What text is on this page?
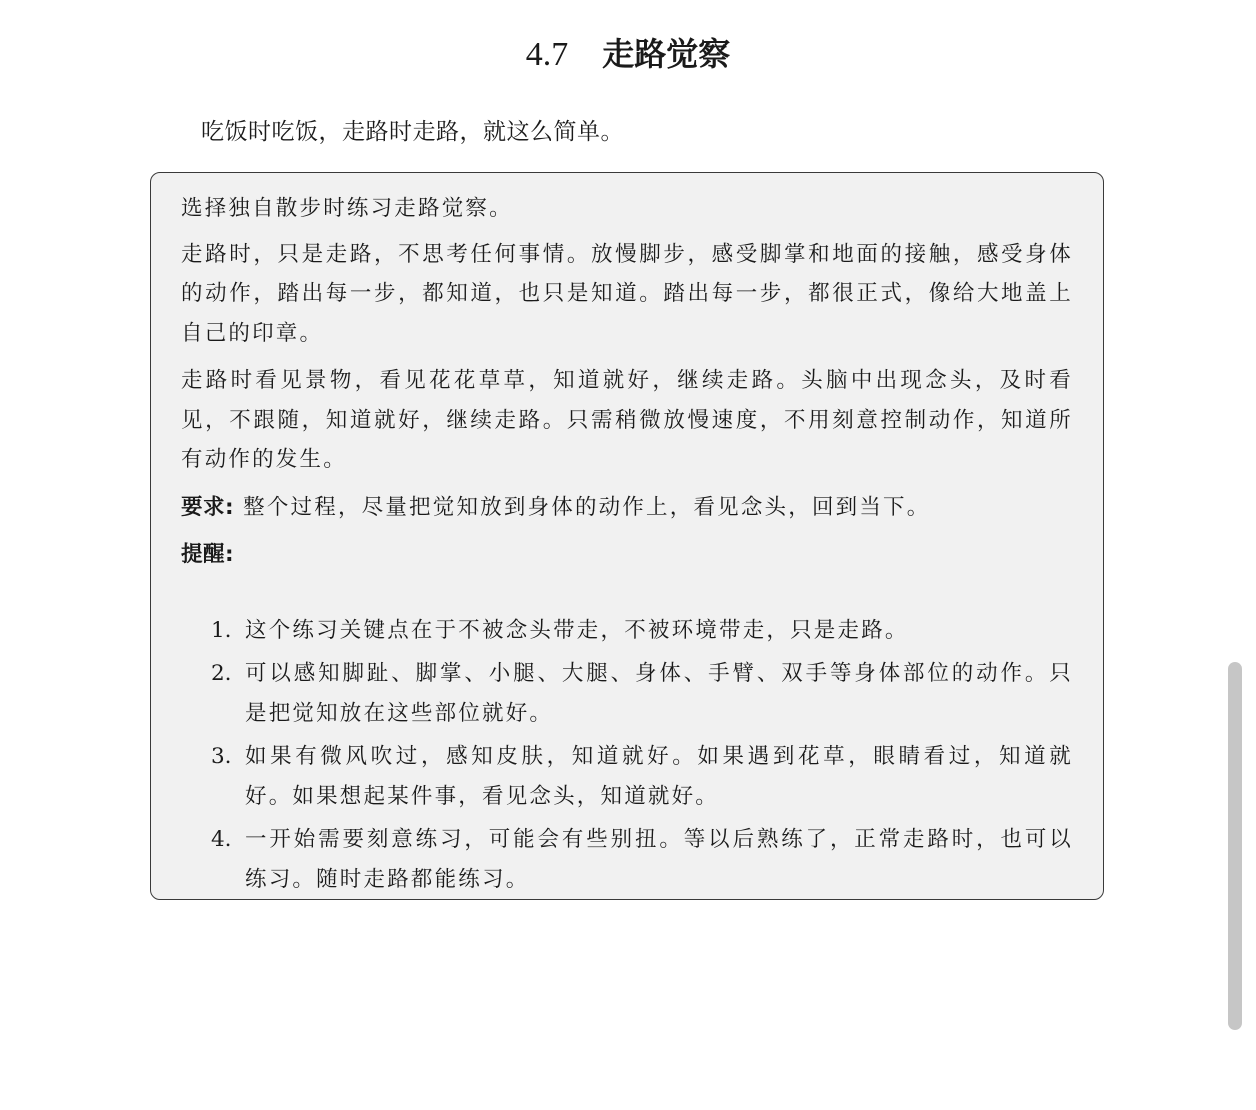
4.7 走路觉察
吃饭时吃饭，走路时走路，就这么简单。

选择独自散步时练习走路觉察。

走路时，只是走路，不思考任何事情。放慢脚步，感受脚掌和地面的接触，感受身体的动作，踏出每一步，都知道，也只是知道。踏出每一步，都很正式，像给大地盖上自己的印章。

走路时看见景物，看见花花草草，知道就好，继续走路。头脑中出现念头，及时看见，不跟随，知道就好，继续走路。只需稍微放慢速度，不用刻意控制动作，知道所有动作的发生。

要求: 整个过程，尽量把觉知放到身体的动作上，看见念头，回到当下。

提醒:

1. 这个练习关键点在于不被念头带走，不被环境带走，只是走路。
2. 可以感知脚趾、脚掌、小腿、大腿、身体、手臂、双手等身体部位的动作。只是把觉知放在这些部位就好。
3. 如果有微风吹过，感知皮肤，知道就好。如果遇到花草，眼睛看过，知道就好。如果想起某件事，看见念头，知道就好。
4. 一开始需要刻意练习，可能会有些别扭。等以后熟练了，正常走路时，也可以练习。随时走路都能练习。
